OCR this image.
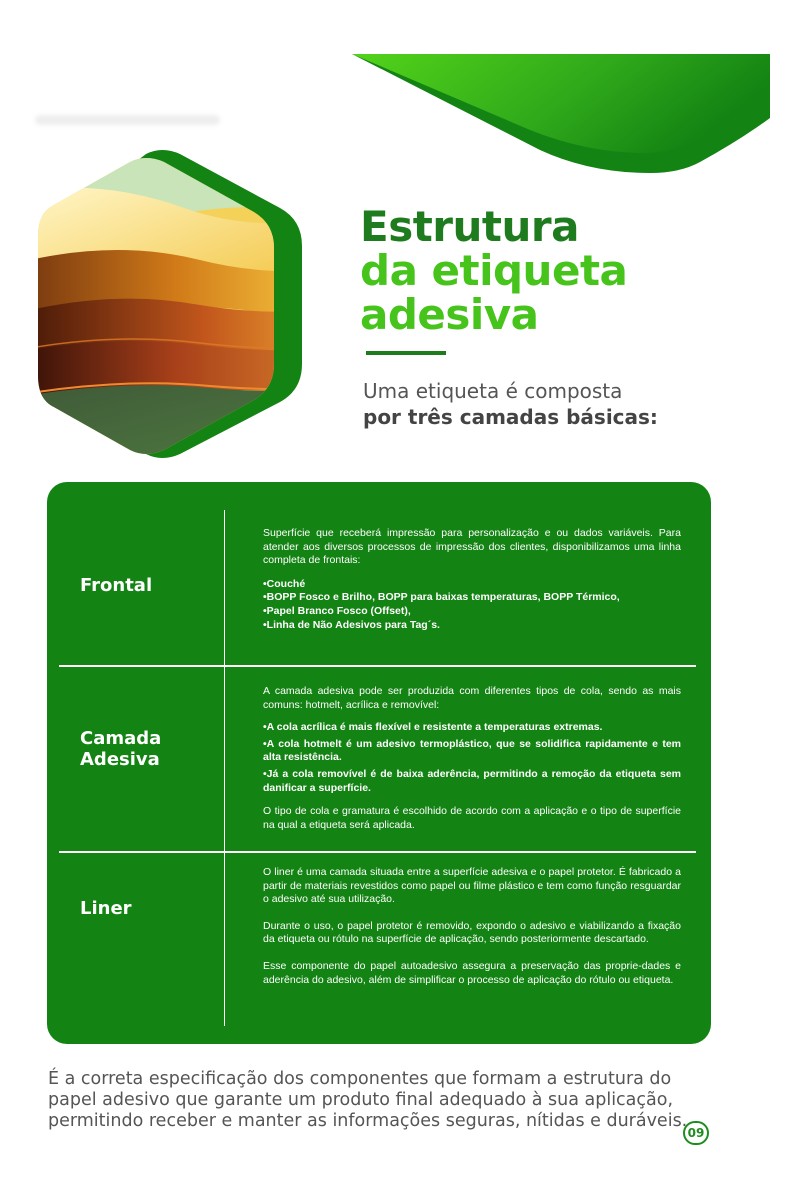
Estrutura
da etiqueta
adesiva
Uma etiqueta é composta
por três camadas básicas:
Frontal

Superfície que receberá impressão para personalização e ou dados variáveis. Para atender aos diversos processos de impressão dos clientes, disponibilizamos uma linha completa de frontais:

•Couché

•BOPP Fosco e Brilho, BOPP para baixas temperaturas, BOPP Térmico,

•Papel Branco Fosco (Offset),

•Linha de Não Adesivos para Tag´s.

Camada
Adesiva

A camada adesiva pode ser produzida com diferentes tipos de cola, sendo as mais comuns: hotmelt, acrílica e removível:

•A cola acrílica é mais flexível e resistente a temperaturas extremas.

•A cola hotmelt é um adesivo termoplástico, que se solidifica rapidamente e tem alta resistência.

•Já a cola removível é de baixa aderência, permitindo a remoção da etiqueta sem danificar a superfície.

O tipo de cola e gramatura é escolhido de acordo com a aplicação e o tipo de superfície na qual a etiqueta será aplicada.

Liner

O liner é uma camada situada entre a superfície adesiva e o papel protetor. É fabricado a partir de materiais revestidos como papel ou filme plástico e tem como função resguardar o adesivo até sua utilização.

Durante o uso, o papel protetor é removido, expondo o adesivo e viabilizando a fixação da etiqueta ou rótulo na superfície de aplicação, sendo posteriormente descartado.

Esse componente do papel autoadesivo assegura a preservação das proprie-dades e aderência do adesivo, além de simplificar o processo de aplicação do rótulo ou etiqueta.

É a correta especificação dos componentes que formam a estrutura do papel adesivo que garante um produto final adequado à sua aplicação, permitindo receber e manter as informações seguras, nítidas e duráveis.

09
